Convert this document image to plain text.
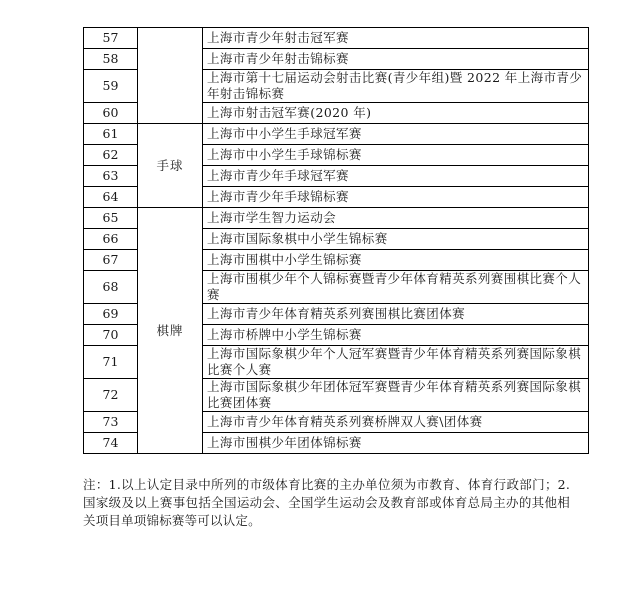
57		上海市青少年射击冠军赛
58		上海市青少年射击锦标赛
59		上海市第十七届运动会射击比赛(青少年组)暨 2022 年上海市青少年射击锦标赛
60		上海市射击冠军赛(2020 年)
61	手球	上海市中小学生手球冠军赛
62		上海市中小学生手球锦标赛
63		上海市青少年手球冠军赛
64		上海市青少年手球锦标赛
65	棋牌	上海市学生智力运动会
66		上海市国际象棋中小学生锦标赛
67		上海市围棋中小学生锦标赛
68		上海市围棋少年个人锦标赛暨青少年体育精英系列赛围棋比赛个人赛
69		上海市青少年体育精英系列赛围棋比赛团体赛
70		上海市桥牌中小学生锦标赛
71		上海市国际象棋少年个人冠军赛暨青少年体育精英系列赛国际象棋比赛个人赛
72		上海市国际象棋少年团体冠军赛暨青少年体育精英系列赛国际象棋比赛团体赛
73		上海市青少年体育精英系列赛桥牌双人赛\团体赛
74		上海市围棋少年团体锦标赛
注：1.以上认定目录中所列的市级体育比赛的主办单位须为市教育、体育行政部门；2.国家级及以上赛事包括全国运动会、全国学生运动会及教育部或体育总局主办的其他相关项目单项锦标赛等可以认定。
